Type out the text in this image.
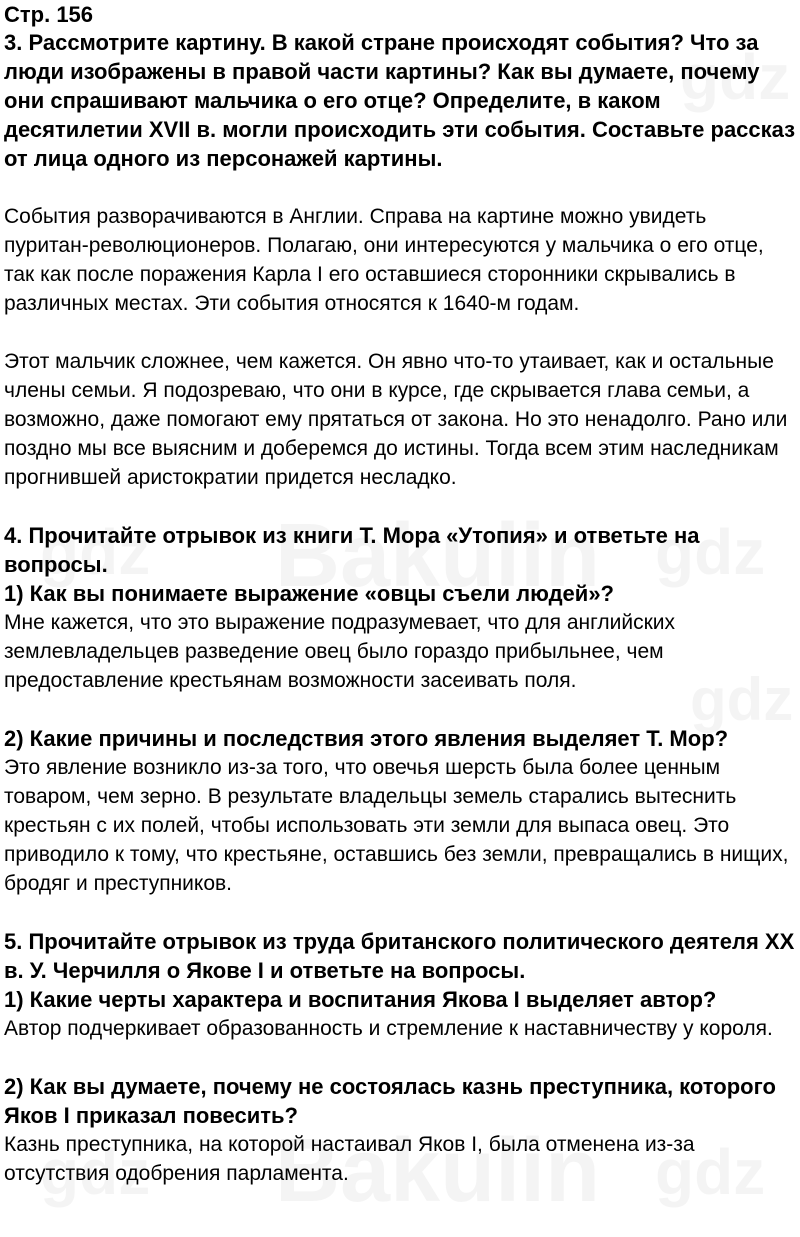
Стр. 156

3. Рассмотрите картину. В какой стране происходят события? Что за люди изображены в правой части картины? Как вы думаете, почему они спрашивают мальчика о его отце? Определите, в каком десятилетии XVII в. могли происходить эти события. Составьте рассказ от лица одного из персонажей картины.

События разворачиваются в Англии. Справа на картине можно увидеть пуритан-революционеров. Полагаю, они интересуются у мальчика о его отце, так как после поражения Карла I его оставшиеся сторонники скрывались в различных местах. Эти события относятся к 1640-м годам.

Этот мальчик сложнее, чем кажется. Он явно что-то утаивает, как и остальные члены семьи. Я подозреваю, что они в курсе, где скрывается глава семьи, а возможно, даже помогают ему прятаться от закона. Но это ненадолго. Рано или поздно мы все выясним и доберемся до истины. Тогда всем этим наследникам прогнившей аристократии придется несладко.

4. Прочитайте отрывок из книги Т. Мора «Утопия» и ответьте на вопросы.

1) Как вы понимаете выражение «овцы съели людей»?

Мне кажется, что это выражение подразумевает, что для английских землевладельцев разведение овец было гораздо прибыльнее, чем предоставление крестьянам возможности засеивать поля.

2) Какие причины и последствия этого явления выделяет Т. Мор?

Это явление возникло из-за того, что овечья шерсть была более ценным товаром, чем зерно. В результате владельцы земель старались вытеснить крестьян с их полей, чтобы использовать эти земли для выпаса овец. Это приводило к тому, что крестьяне, оставшись без земли, превращались в нищих, бродяг и преступников.

5. Прочитайте отрывок из труда британского политического деятеля XX в. У. Черчилля о Якове I и ответьте на вопросы.

1) Какие черты характера и воспитания Якова I выделяет автор?

Автор подчеркивает образованность и стремление к наставничеству у короля.

2) Как вы думаете, почему не состоялась казнь преступника, которого Яков I приказал повесить?

Казнь преступника, на которой настаивал Яков I, была отменена из-за отсутствия одобрения парламента.
